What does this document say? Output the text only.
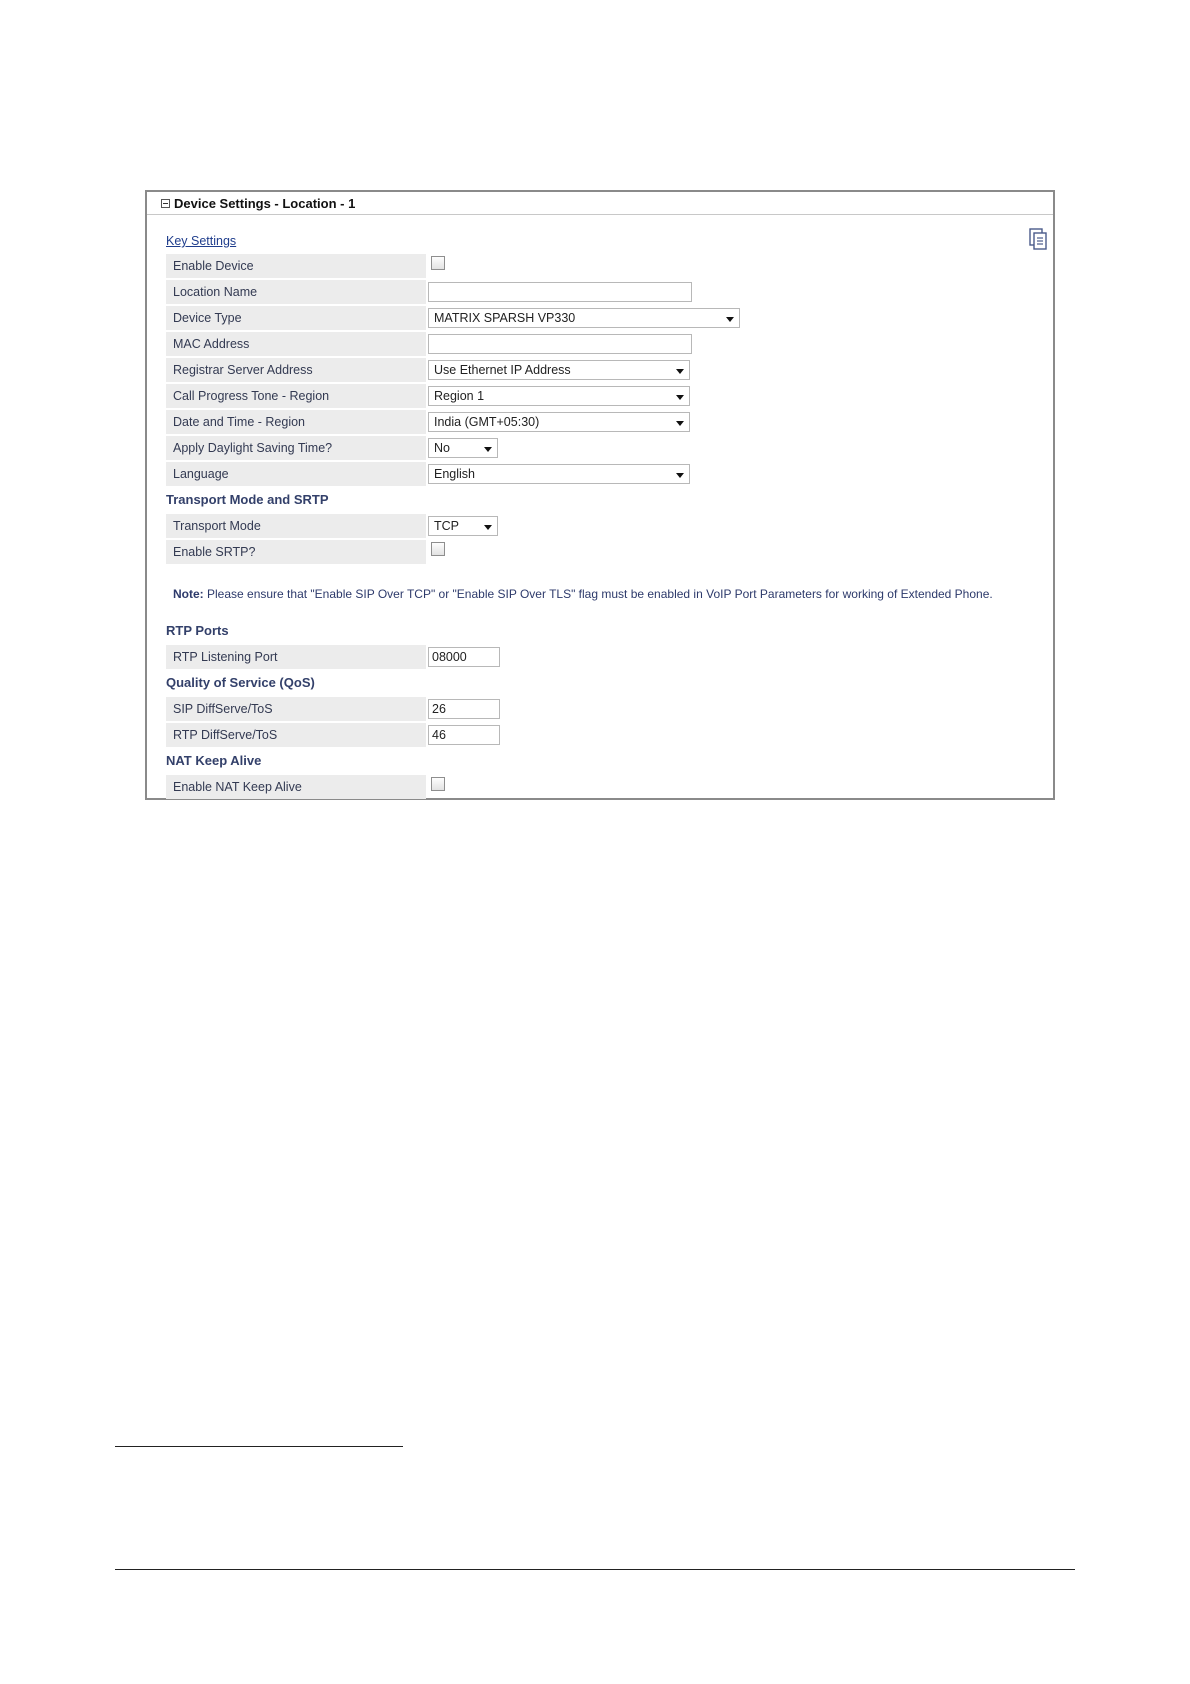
Device Settings - Location - 1
Key Settings
Enable Device
Location Name
Device Type	MATRIX SPARSH VP330
MAC Address
Registrar Server Address	Use Ethernet IP Address
Call Progress Tone - Region	Region 1
Date and Time - Region	India (GMT+05:30)
Apply Daylight Saving Time?	No
Language	English
Transport Mode and SRTP
Transport Mode	TCP
Enable SRTP?
Note: Please ensure that "Enable SIP Over TCP" or "Enable SIP Over TLS" flag must be enabled in VoIP Port Parameters for working of Extended Phone.
RTP Ports
RTP Listening Port	08000
Quality of Service (QoS)
SIP DiffServe/ToS	26
RTP DiffServe/ToS	46
NAT Keep Alive
Enable NAT Keep Alive
